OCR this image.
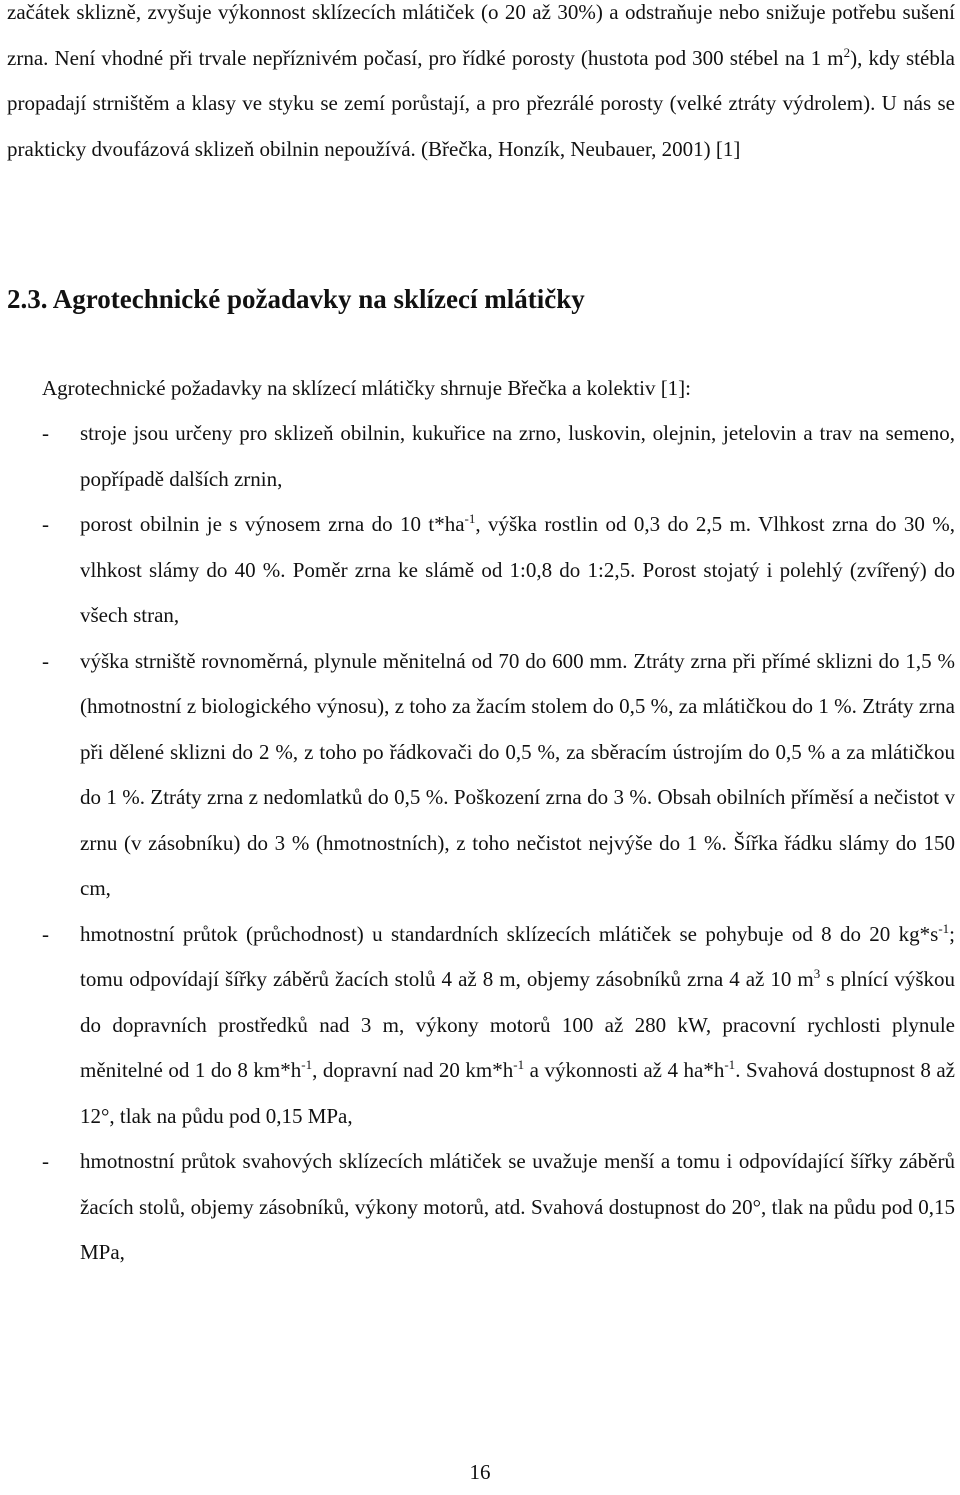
začátek sklizně, zvyšuje výkonnost sklízecích mlátiček (o 20 až 30%) a odstraňuje nebo snižuje potřebu sušení zrna. Není vhodné při trvale nepříznivém počasí, pro řídké porosty (hustota pod 300 stébel na 1 $m^2$), kdy stébla propadají strništěm a klasy ve styku se zemí porůstají, a pro přezrálé porosty (velké ztráty výdrolem). U nás se prakticky dvoufázová sklizeň obilnin nepoužívá. (Břečka, Honzík, Neubauer, 2001) [1]

2.3. Agrotechnické požadavky na sklízecí mlátičky

Agrotechnické požadavky na sklízecí mlátičky shrnuje Břečka a kolektiv [1]:

- stroje jsou určeny pro sklizeň obilnin, kukuřice na zrno, luskovin, olejnin, jetelovin a trav na semeno, popřípadě dalších zrnin,
- porost obilnin je s výnosem zrna do 10 $t*ha^{-1}$, výška rostlin od 0,3 do 2,5 m. Vlhkost zrna do 30 %, vlhkost slámy do 40 %. Poměr zrna ke slámě od 1:0,8 do 1:2,5. Porost stojatý i polehlý (zvířený) do všech stran,
- výška strniště rovnoměrná, plynule měnitelná od 70 do 600 mm. Ztráty zrna při přímé sklizni do 1,5 % (hmotnostní z biologického výnosu), z toho za žacím stolem do 0,5 %, za mlátičkou do 1 %. Ztráty zrna při dělené sklizni do 2 %, z toho po řádkovači do 0,5 %, za sběracím ústrojím do 0,5 % a za mlátičkou do 1 %. Ztráty zrna z nedomlatků do 0,5 %. Poškození zrna do 3 %. Obsah obilních příměsí a nečistot v zrnu (v zásobníku) do 3 % (hmotnostních), z toho nečistot nejvýše do 1 %. Šířka řádku slámy do 150 cm,
- hmotnostní průtok (průchodnost) u standardních sklízecích mlátiček se pohybuje od 8 do 20 $kg*s^{-1}$; tomu odpovídají šířky záběrů žacích stolů 4 až 8 m, objemy zásobníků zrna 4 až 10 $m^3$ s plnící výškou do dopravních prostředků nad 3 m, výkony motorů 100 až 280 kW, pracovní rychlosti plynule měnitelné od 1 do 8 $km*h^{-1}$, dopravní nad 20 $km*h^{-1}$ a výkonnosti až 4 $ha*h^{-1}$. Svahová dostupnost 8 až 12°, tlak na půdu pod 0,15 MPa,
- hmotnostní průtok svahových sklízecích mlátiček se uvažuje menší a tomu i odpovídající šířky záběrů žacích stolů, objemy zásobníků, výkony motorů, atd. Svahová dostupnost do 20°, tlak na půdu pod 0,15 MPa,
16
